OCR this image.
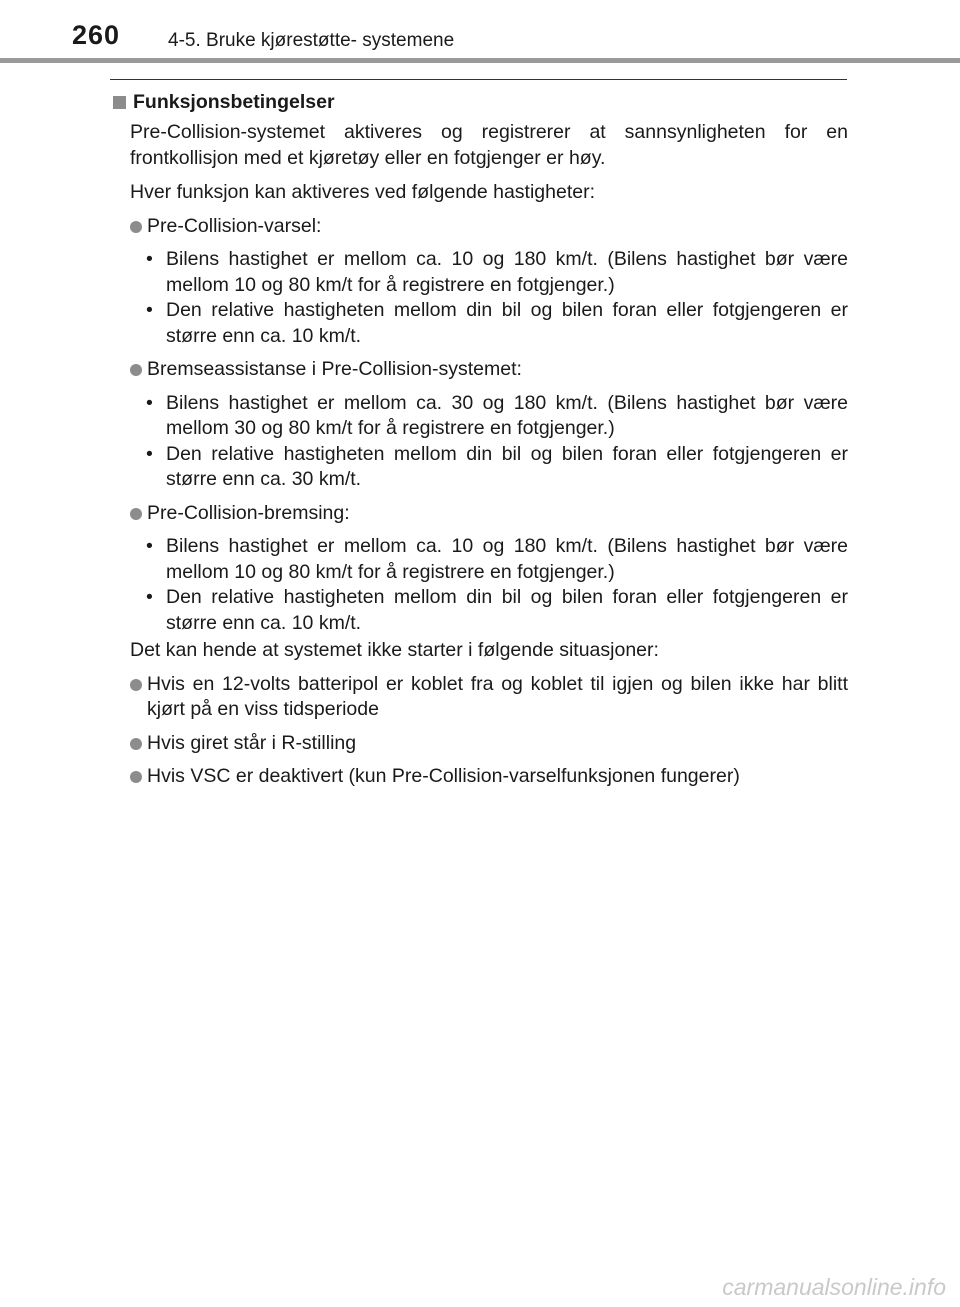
260	4-5. Bruke kjørestøtte- systemene
Funksjonsbetingelser

Pre-Collision-systemet aktiveres og registrerer at sannsynligheten for en frontkollisjon med et kjøretøy eller en fotgjenger er høy.

Hver funksjon kan aktiveres ved følgende hastigheter:

Pre-Collision-varsel:
• Bilens hastighet er mellom ca. 10 og 180 km/t. (Bilens hastighet bør være mellom 10 og 80 km/t for å registrere en fotgjenger.)
• Den relative hastigheten mellom din bil og bilen foran eller fotgjengeren er større enn ca. 10 km/t.
Bremseassistanse i Pre-Collision-systemet:
• Bilens hastighet er mellom ca. 30 og 180 km/t. (Bilens hastighet bør være mellom 30 og 80 km/t for å registrere en fotgjenger.)
• Den relative hastigheten mellom din bil og bilen foran eller fotgjengeren er større enn ca. 30 km/t.
Pre-Collision-bremsing:
• Bilens hastighet er mellom ca. 10 og 180 km/t. (Bilens hastighet bør være mellom 10 og 80 km/t for å registrere en fotgjenger.)
• Den relative hastigheten mellom din bil og bilen foran eller fotgjengeren er større enn ca. 10 km/t.

Det kan hende at systemet ikke starter i følgende situasjoner:

Hvis en 12-volts batteripol er koblet fra og koblet til igjen og bilen ikke har blitt kjørt på en viss tidsperiode
Hvis giret står i R-stilling
Hvis VSC er deaktivert (kun Pre-Collision-varselfunksjonen fungerer)
carmanualsonline.info
